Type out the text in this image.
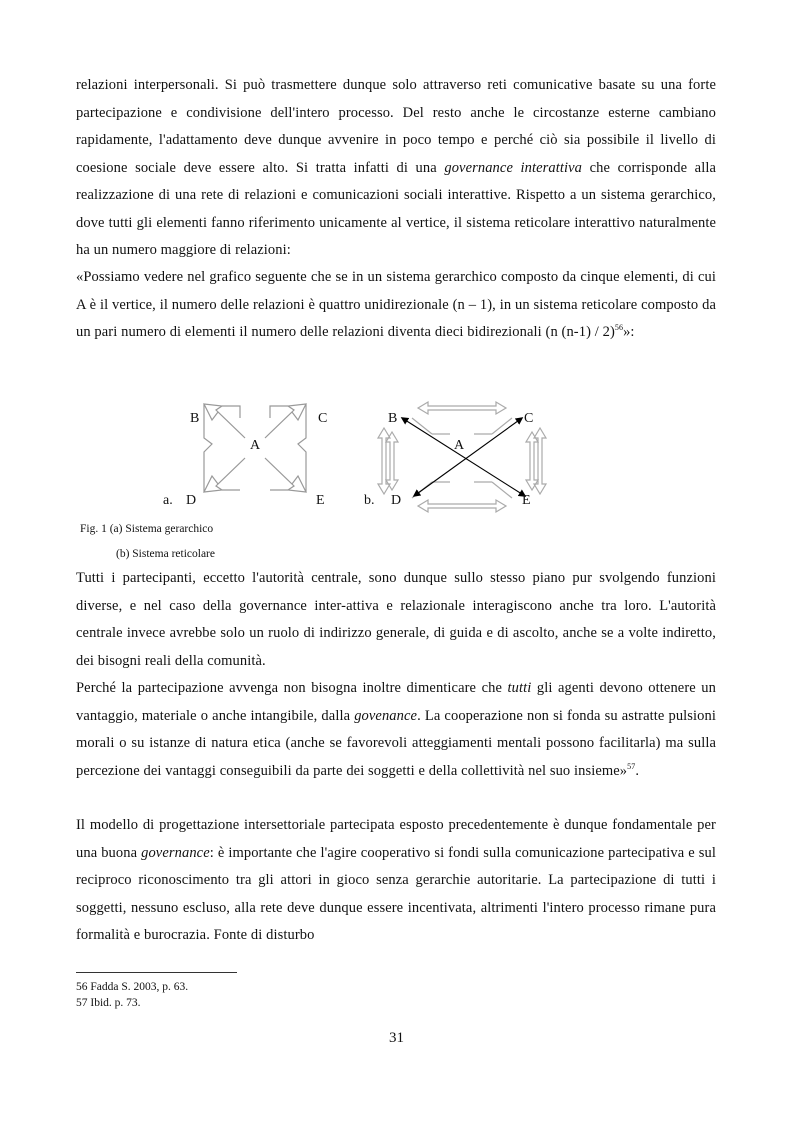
relazioni interpersonali. Si può trasmettere dunque solo attraverso reti comunicative basate su una forte partecipazione e condivisione dell'intero processo. Del resto anche le circostanze esterne cambiano rapidamente, l'adattamento deve dunque avvenire in poco tempo e perché ciò sia possibile il livello di coesione sociale deve essere alto. Si tratta infatti di una governance interattiva che corrisponde alla realizzazione di una rete di relazioni e comunicazioni sociali interattive. Rispetto a un sistema gerarchico, dove tutti gli elementi fanno riferimento unicamente al vertice, il sistema reticolare interattivo naturalmente ha un numero maggiore di relazioni:

«Possiamo vedere nel grafico seguente che se in un sistema gerarchico composto da cinque elementi, di cui A è il vertice, il numero delle relazioni è quattro unidirezionale (n – 1), in un sistema reticolare composto da un pari numero di elementi il numero delle relazioni diventa dieci bidirezionali (n (n-1) / 2)$^{56}$»:

B	C
A
a. D	E
B	C
A
b. D	E
Fig. 1 (a) Sistema gerarchico
(b) Sistema reticolare

Tutti i partecipanti, eccetto l'autorità centrale, sono dunque sullo stesso piano pur svolgendo funzioni diverse, e nel caso della governance inter-attiva e relazionale interagiscono anche tra loro. L'autorità centrale invece avrebbe solo un ruolo di indirizzo generale, di guida e di ascolto, anche se a volte indiretto, dei bisogni reali della comunità.

Perché la partecipazione avvenga non bisogna inoltre dimenticare che tutti gli agenti devono ottenere un vantaggio, materiale o anche intangibile, dalla govenance. La cooperazione non si fonda su astratte pulsioni morali o su istanze di natura etica (anche se favorevoli atteggiamenti mentali possono facilitarla) ma sulla percezione dei vantaggi conseguibili da parte dei soggetti e della collettività nel suo insieme»$^{57}$.

Il modello di progettazione intersettoriale partecipata esposto precedentemente è dunque fondamentale per una buona governance: è importante che l'agire cooperativo si fondi sulla comunicazione partecipativa e sul reciproco riconoscimento tra gli attori in gioco senza gerarchie autoritarie. La partecipazione di tutti i soggetti, nessuno escluso, alla rete deve dunque essere incentivata, altrimenti l'intero processo rimane pura formalità e burocrazia. Fonte di disturbo

56 Fadda S. 2003, p. 63.
57 Ibid. p. 73.
31
